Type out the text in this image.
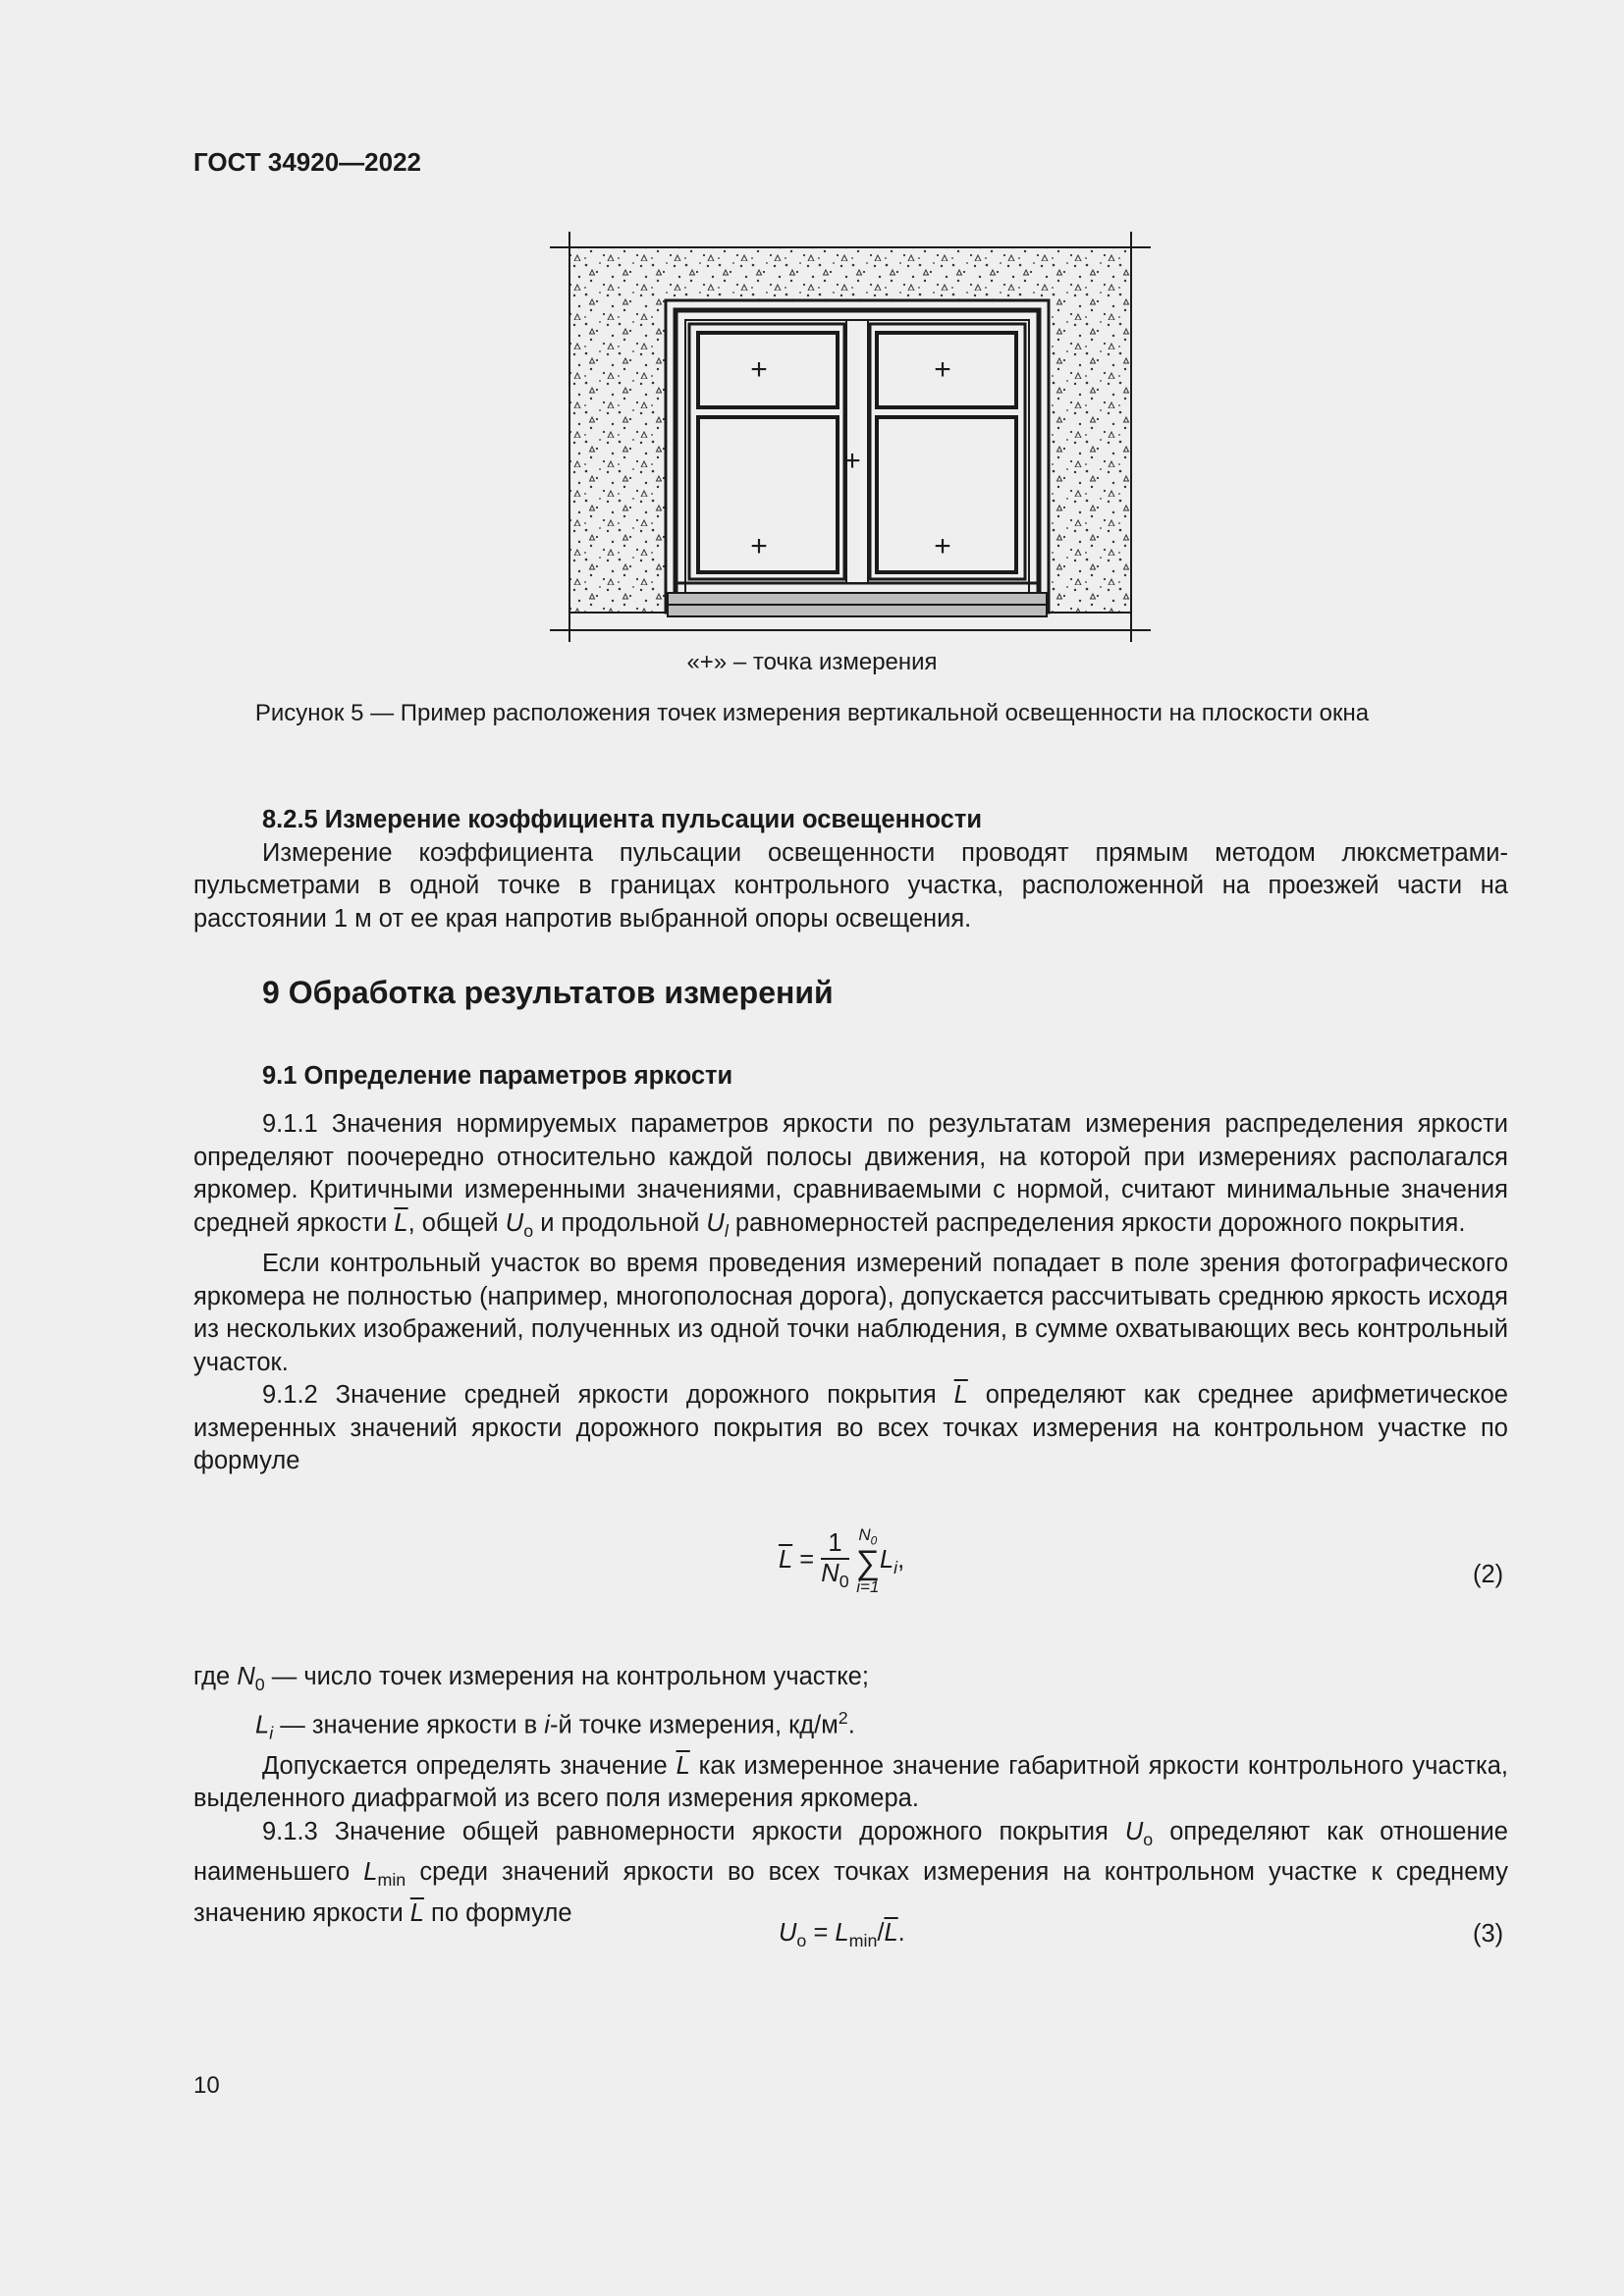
ГОСТ 34920—2022
+	+
+
+	+
«+» – точка измерения
Рисунок 5 — Пример расположения точек измерения вертикальной освещенности на плоскости окна

8.2.5 Измерение коэффициента пульсации освещенности

Измерение коэффициента пульсации освещенности проводят прямым методом люксметрами-пульсметрами в одной точке в границах контрольного участка, расположенной на проезжей части на расстоянии 1 м от ее края напротив выбранной опоры освещения.

9 Обработка результатов измерений

9.1 Определение параметров яркости

9.1.1 Значения нормируемых параметров яркости по результатам измерения распределения яркости определяют поочередно относительно каждой полосы движения, на которой при измерениях располагался яркомер. Критичными измеренными значениями, сравниваемыми с нормой, считают минимальные значения средней яркости $\overline{L}$, общей $U_о$ и продольной $U_l$ равномерностей распределения яркости дорожного покрытия.

Если контрольный участок во время проведения измерений попадает в поле зрения фотографического яркомера не полностью (например, многополосная дорога), допускается рассчитывать среднюю яркость исходя из нескольких изображений, полученных из одной точки наблюдения, в сумме охватывающих весь контрольный участок.

9.1.2 Значение средней яркости дорожного покрытия $\overline{L}$ определяют как среднее арифметическое измеренных значений яркости дорожного покрытия во всех точках измерения на контрольном участке по формуле

$\overline{L} = \frac{1}{N_0}$
$N_0$
∑
i=1
$L_i$,
(2)

где $N_0$ — число точек измерения на контрольном участке;

$L_i$ — значение яркости в i-й точке измерения, $кд/м^2$.

Допускается определять значение $\overline{L}$ как измеренное значение габаритной яркости контрольного участка, выделенного диафрагмой из всего поля измерения яркомера.

9.1.3 Значение общей равномерности яркости дорожного покрытия $U_о$ определяют как отношение наименьшего $L_{min}$ среди значений яркости во всех точках измерения на контрольном участке к среднему значению яркости $\overline{L}$ по формуле

$U_о = L_{min}/\overline{L}$.	(3)
10
